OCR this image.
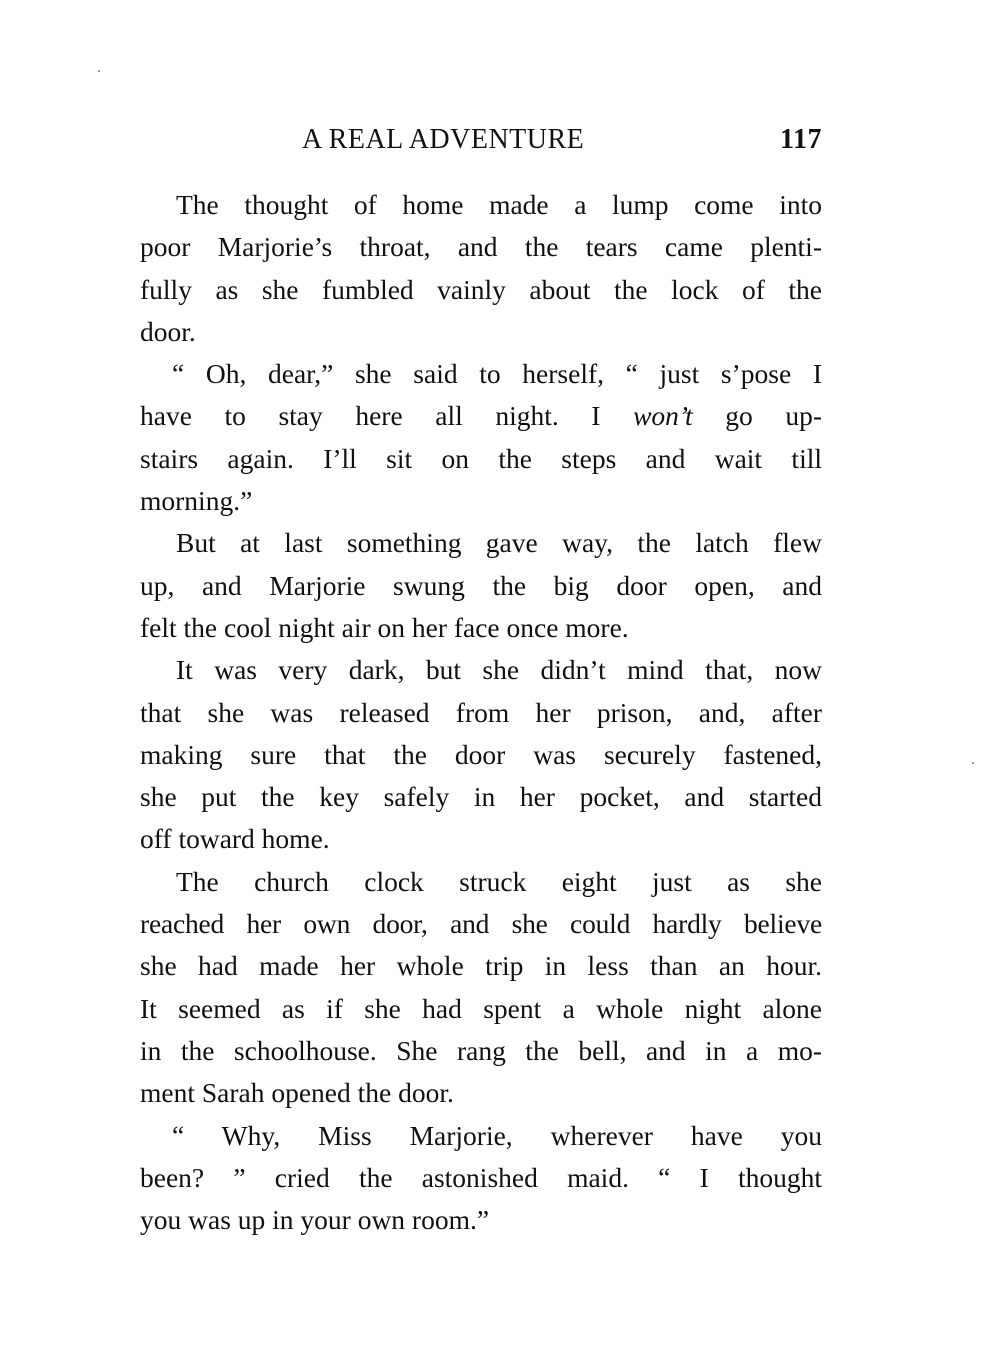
A REAL ADVENTURE	117
The thought of home made a lump come into
poor Marjorie’s throat, and the tears came plenti-
fully as she fumbled vainly about the lock of the
door.
“ Oh, dear,” she said to herself, “ just s’pose I
have to stay here all night. I won’t go up-
stairs again. I’ll sit on the steps and wait till
morning.”
But at last something gave way, the latch flew
up, and Marjorie swung the big door open, and
felt the cool night air on her face once more.
It was very dark, but she didn’t mind that, now
that she was released from her prison, and, after
making sure that the door was securely fastened,
she put the key safely in her pocket, and started
off toward home.
The church clock struck eight just as she
reached her own door, and she could hardly believe
she had made her whole trip in less than an hour.
It seemed as if she had spent a whole night alone
in the schoolhouse. She rang the bell, and in a mo-
ment Sarah opened the door.
“ Why, Miss Marjorie, wherever have you
been? ” cried the astonished maid. “ I thought
you was up in your own room.”
